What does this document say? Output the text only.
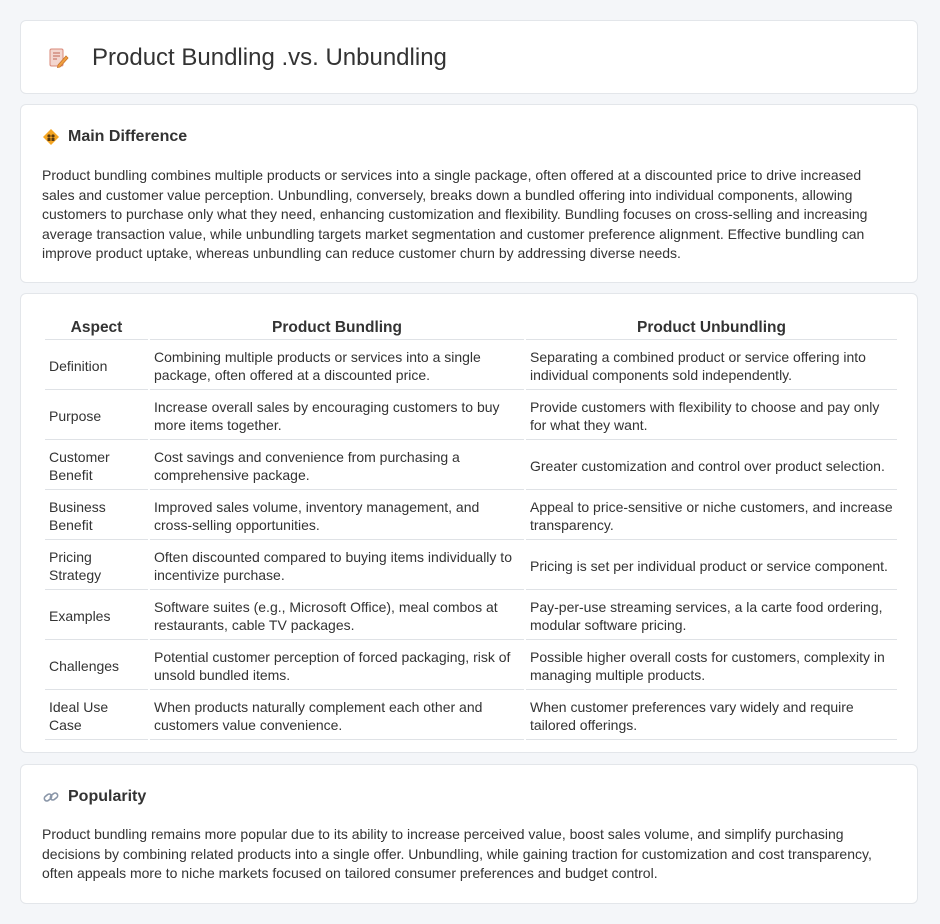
Product Bundling .vs. Unbundling
Main Difference

Product bundling combines multiple products or services into a single package, often offered at a discounted price to drive increased sales and customer value perception. Unbundling, conversely, breaks down a bundled offering into individual components, allowing customers to purchase only what they need, enhancing customization and flexibility. Bundling focuses on cross-selling and increasing average transaction value, while unbundling targets market segmentation and customer preference alignment. Effective bundling can improve product uptake, whereas unbundling can reduce customer churn by addressing diverse needs.

Aspect	Product Bundling	Product Unbundling
Definition	Combining multiple products or services into a single package, often offered at a discounted price.	Separating a combined product or service offering into individual components sold independently.
Purpose	Increase overall sales by encouraging customers to buy more items together.	Provide customers with flexibility to choose and pay only for what they want.
Customer Benefit	Cost savings and convenience from purchasing a comprehensive package.	Greater customization and control over product selection.
Business Benefit	Improved sales volume, inventory management, and cross-selling opportunities.	Appeal to price-sensitive or niche customers, and increase transparency.
Pricing Strategy	Often discounted compared to buying items individually to incentivize purchase.	Pricing is set per individual product or service component.
Examples	Software suites (e.g., Microsoft Office), meal combos at restaurants, cable TV packages.	Pay-per-use streaming services, a la carte food ordering, modular software pricing.
Challenges	Potential customer perception of forced packaging, risk of unsold bundled items.	Possible higher overall costs for customers, complexity in managing multiple products.
Ideal Use Case	When products naturally complement each other and customers value convenience.	When customer preferences vary widely and require tailored offerings.
Popularity

Product bundling remains more popular due to its ability to increase perceived value, boost sales volume, and simplify purchasing decisions by combining related products into a single offer. Unbundling, while gaining traction for customization and cost transparency, often appeals more to niche markets focused on tailored consumer preferences and budget control.
